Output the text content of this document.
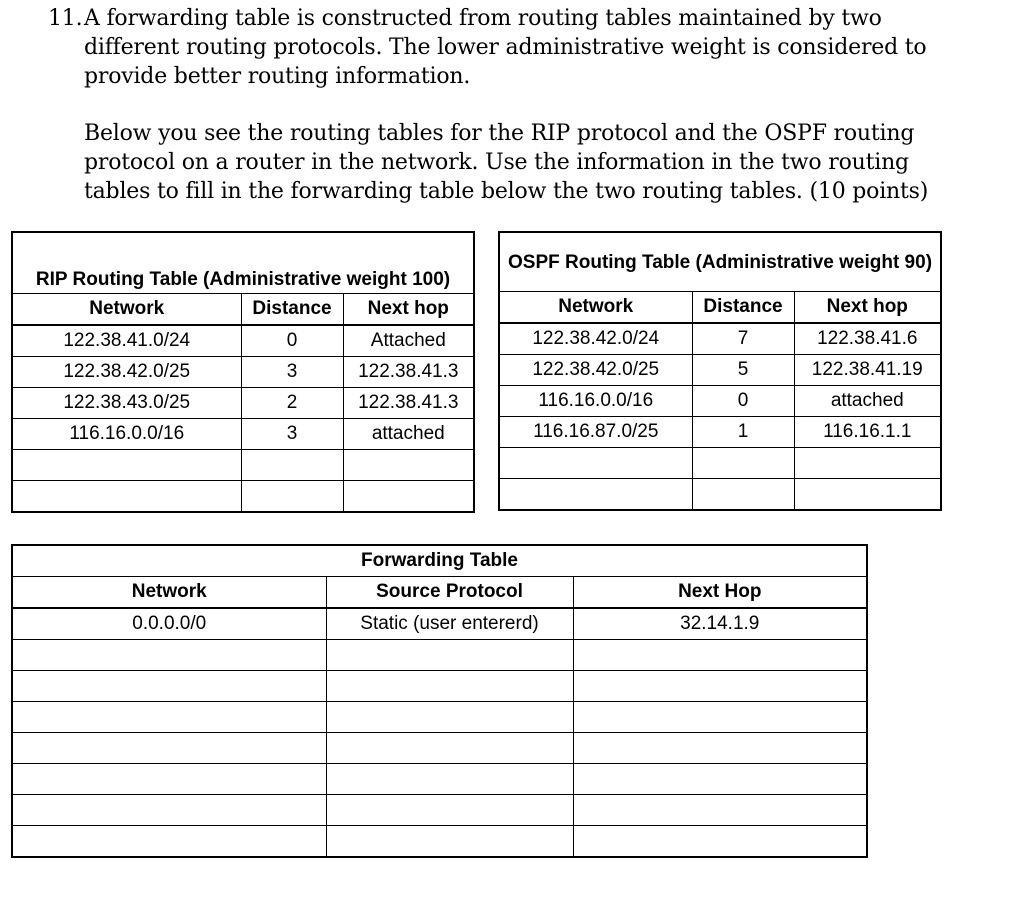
11. A forwarding table is constructed from routing tables maintained by two
different routing protocols. The lower administrative weight is considered to
provide better routing information.
Below you see the routing tables for the RIP protocol and the OSPF routing
protocol on a router in the network. Use the information in the two routing
tables to fill in the forwarding table below the two routing tables. (10 points)
RIP Routing Table (Administrative weight 100)		
Network	Distance	Next hop
122.38.41.0/24	0	Attached
122.38.42.0/25	3	122.38.41.3
122.38.43.0/25	2	122.38.41.3
116.16.0.0/16	3	attached

OSPF Routing Table (Administrative weight 90)		
Network	Distance	Next hop
122.38.42.0/24	7	122.38.41.6
122.38.42.0/25	5	122.38.41.19
116.16.0.0/16	0	attached
116.16.87.0/25	1	116.16.1.1

Forwarding Table		
Network	Source Protocol	Next Hop
0.0.0.0/0	Static (user entererd)	32.14.1.9
